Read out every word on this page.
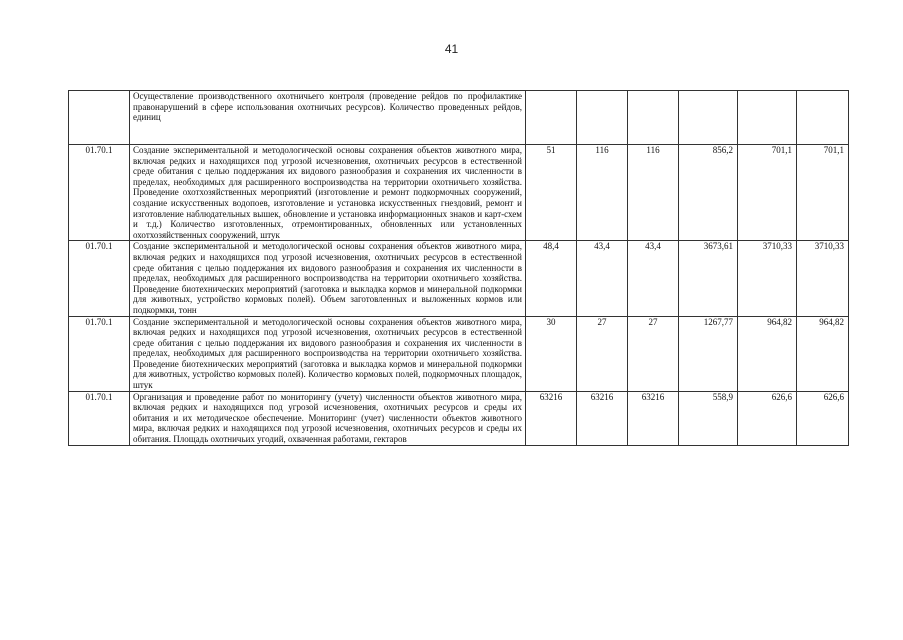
41
	Осуществление производственного охотничьего контроля (проведение рейдов по профилактике правонарушений в сфере использования охотничьих ресурсов). Количество проведенных рейдов, единиц						
01.70.1	Создание экспериментальной и методологической основы сохранения объектов животного мира, включая редких и находящихся под угрозой исчезновения, охотничьих ресурсов в естественной среде обитания с целью поддержания их видового разнообразия и сохранения их численности в пределах, необходимых для расширенного воспроизводства на территории охотничьего хозяйства. Проведение охотхозяйственных мероприятий (изготовление и ремонт подкормочных сооружений, создание искусственных водопоев, изготовление и установка искусственных гнездовий, ремонт и изготовление наблюдательных вышек, обновление и установка информационных знаков и карт-схем и т.д.) Количество изготовленных, отремонтированных, обновленных или установленных охотхозяйственных сооружений, штук	51	116	116	856,2	701,1	701,1
01.70.1	Создание экспериментальной и методологической основы сохранения объектов животного мира, включая редких и находящихся под угрозой исчезновения, охотничьих ресурсов в естественной среде обитания с целью поддержания их видового разнообразия и сохранения их численности в пределах, необходимых для расширенного воспроизводства на территории охотничьего хозяйства. Проведение биотехнических мероприятий (заготовка и выкладка кормов и минеральной подкормки для животных, устройство кормовых полей). Объем заготовленных и выложенных кормов или подкормки, тонн	48,4	43,4	43,4	3673,61	3710,33	3710,33
01.70.1	Создание экспериментальной и методологической основы сохранения объектов животного мира, включая редких и находящихся под угрозой исчезновения, охотничьих ресурсов в естественной среде обитания с целью поддержания их видового разнообразия и сохранения их численности в пределах, необходимых для расширенного воспроизводства на территории охотничьего хозяйства. Проведение биотехнических мероприятий (заготовка и выкладка кормов и минеральной подкормки для животных, устройство кормовых полей). Количество кормовых полей, подкормочных площадок, штук	30	27	27	1267,77	964,82	964,82
01.70.1	Организация и проведение работ по мониторингу (учету) численности объектов животного мира, включая редких и находящихся под угрозой исчезновения, охотничьих ресурсов и среды их обитания и их методическое обеспечение. Мониторинг (учет) численности объектов животного мира, включая редких и находящихся под угрозой исчезновения, охотничьих ресурсов и среды их обитания. Площадь охотничьих угодий, охваченная работами, гектаров	63216	63216	63216	558,9	626,6	626,6
